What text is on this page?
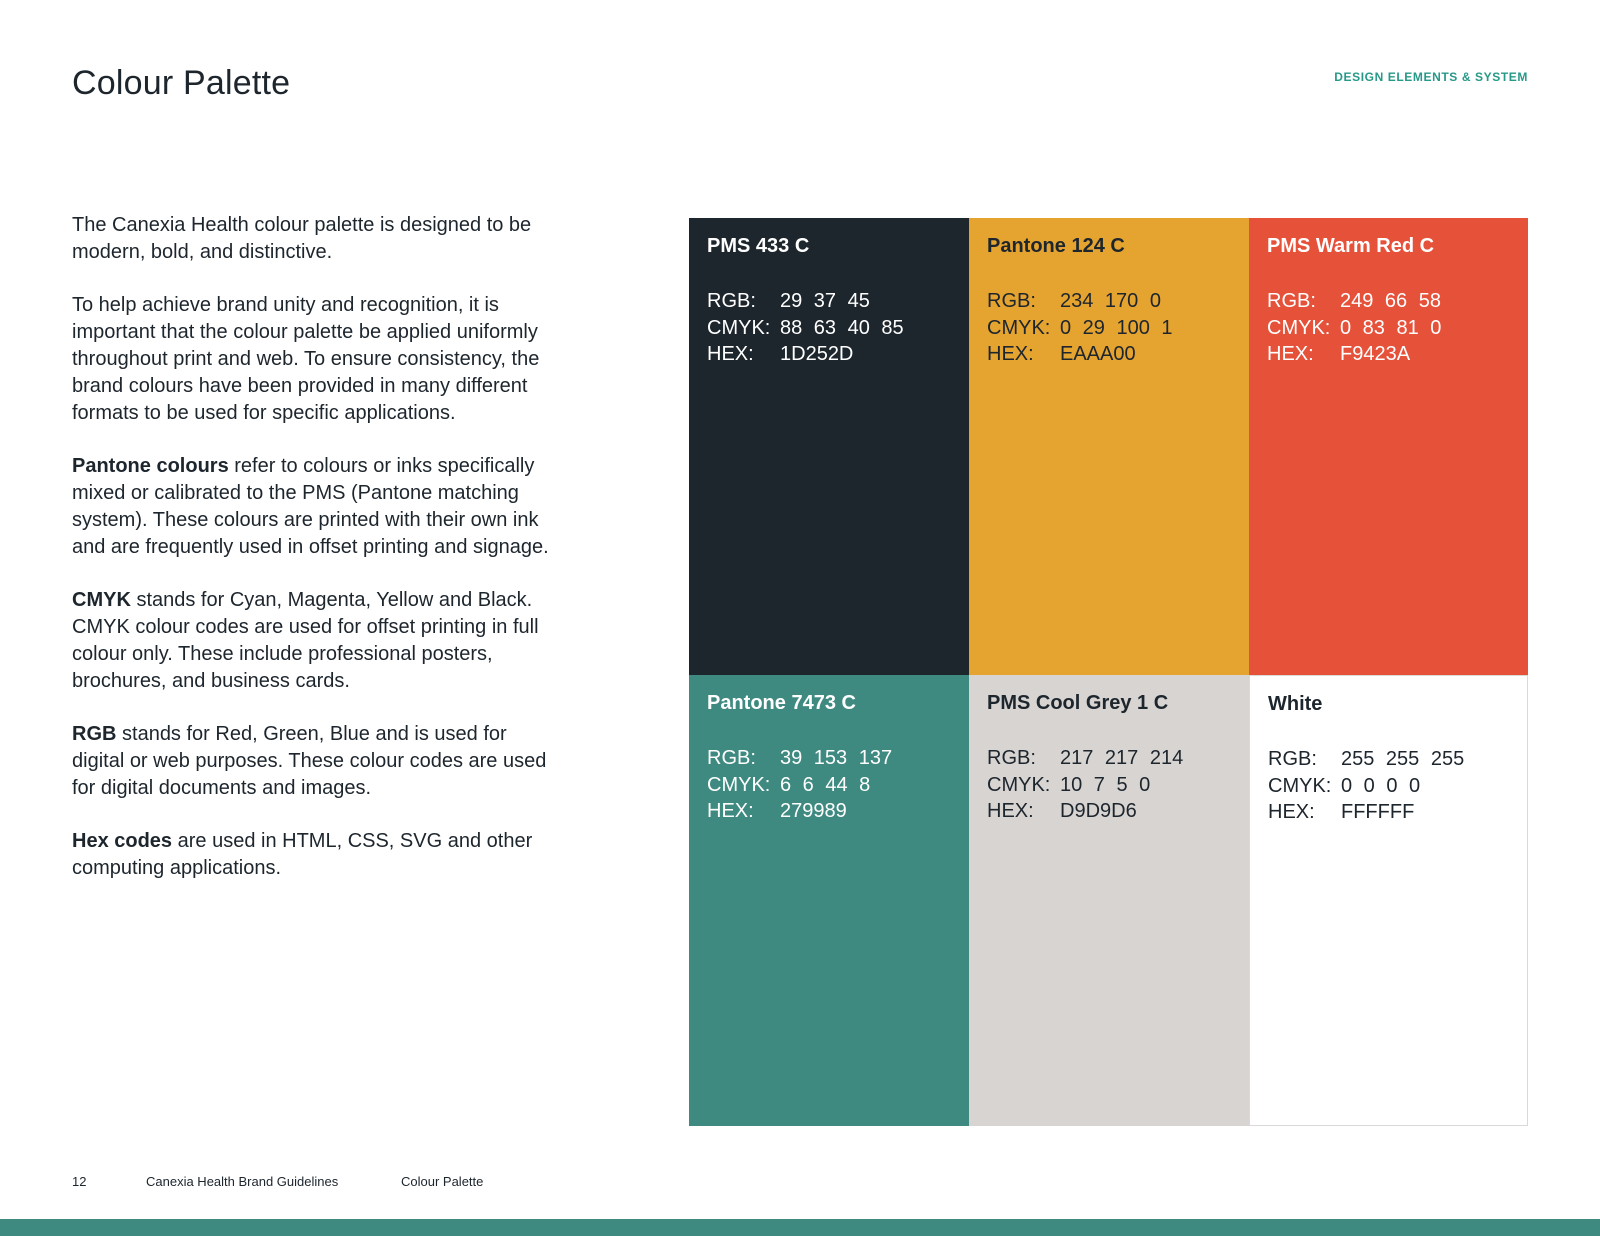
Colour Palette	DESIGN ELEMENTS & SYSTEM

The Canexia Health colour palette is designed to be modern, bold, and distinctive.

To help achieve brand unity and recognition, it is important that the colour palette be applied uniformly throughout print and web. To ensure consistency, the brand colours have been provided in many different formats to be used for specific applications.

Pantone colours refer to colours or inks specifically mixed or calibrated to the PMS (Pantone matching system). These colours are printed with their own ink and are frequently used in offset printing and signage.

CMYK stands for Cyan, Magenta, Yellow and Black. CMYK colour codes are used for offset printing in full colour only. These include professional posters, brochures, and business cards.

RGB stands for Red, Green, Blue and is used for digital or web purposes. These colour codes are used for digital documents and images.

Hex codes are used in HTML, CSS, SVG and other computing applications.

PMS 433 C
RGB:	29 37 45
CMYK: 88 63 40 85
HEX:	1D252D
Pantone 124 C
RGB:	234 170 0
CMYK: 0 29 100 1
HEX:	EAAA00
PMS Warm Red C
RGB:	249 66 58
CMYK: 0 83 81 0
HEX:	F9423A
Pantone 7473 C
RGB:	39 153 137
CMYK: 6 6 44 8
HEX:	279989
PMS Cool Grey 1 C
RGB:	217 217 214
CMYK: 10 7 5 0
HEX:	D9D9D6
White
RGB:	255 255 255
CMYK: 0 0 0 0
HEX:	FFFFFF
12	Canexia Health Brand Guidelines	Colour Palette
